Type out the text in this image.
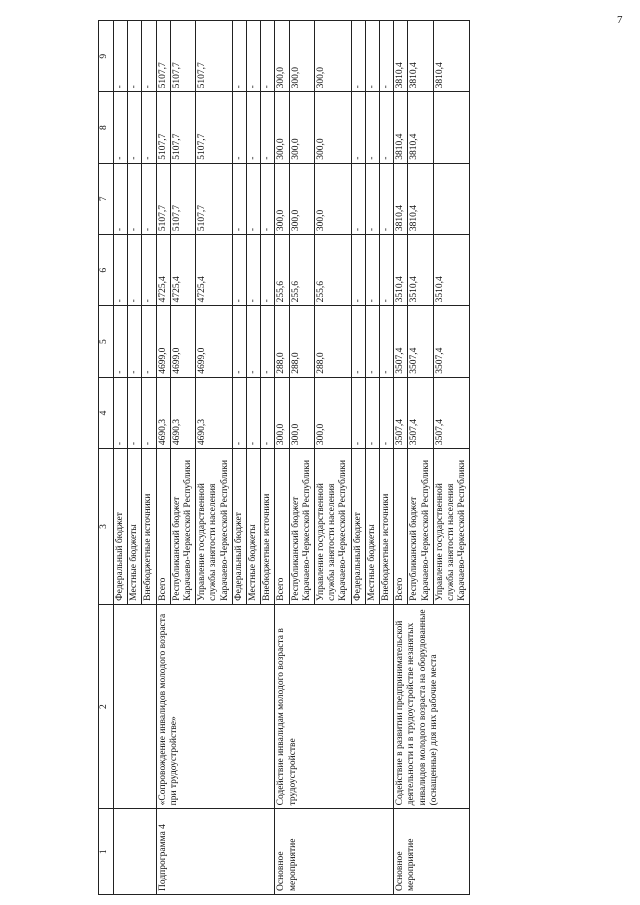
7
1	2	3	4	5	6	7	8	9
		Федеральный бюджет	-	-	-	-	-	-
		Местные бюджеты	-	-	-	-	-	-
		Внебюджетные источники	-	-	-	-	-	-
Подпрограмма 4	«Сопровождение инвалидов молодого возраста при трудоустройстве»	Всего	4690,3	4699,0	4725,4	5107,7	5107,7	5107,7
		Республиканский бюджет Карачаево-Черкесской Республики	4690,3	4699,0	4725,4	5107,7	5107,7	5107,7
		Управление государственной службы занятости населения Карачаево-Черкесской Республики	4690,3	4699,0	4725,4	5107,7	5107,7	5107,7
		Федеральный бюджет	-	-	-	-	-	-
		Местные бюджеты	-	-	-	-	-	-
		Внебюджетные источники	-	-	-	-	-	-
Основное мероприятие	Содействие инвалидам молодого возраста в трудоустройстве	Всего	300,0	288,0	255,6	300,0	300,0	300,0
		Республиканский бюджет Карачаево-Черкесской Республики	300,0	288,0	255,6	300,0	300,0	300,0
		Управление государственной службы занятости населения Карачаево-Черкесской Республики	300,0	288,0	255,6	300,0	300,0	300,0
		Федеральный бюджет	-	-	-	-	-	-
		Местные бюджеты	-	-	-	-	-	-
		Внебюджетные источники	-	-	-	-	-	-
Основное мероприятие	Содействие в развитии предпринимательской деятельности и в трудоустройстве незанятых инвалидов молодого возраста на оборудованные (оснащенные) для них рабочие места	Всего	3507,4	3507,4	3510,4	3810,4	3810,4	3810,4
		Республиканский бюджет Карачаево-Черкесской Республики	3507,4	3507,4	3510,4	3810,4	3810,4	3810,4
		Управление государственной службы занятости населения Карачаево-Черкесской Республики	3507,4	3507,4	3510,4			3810,4
